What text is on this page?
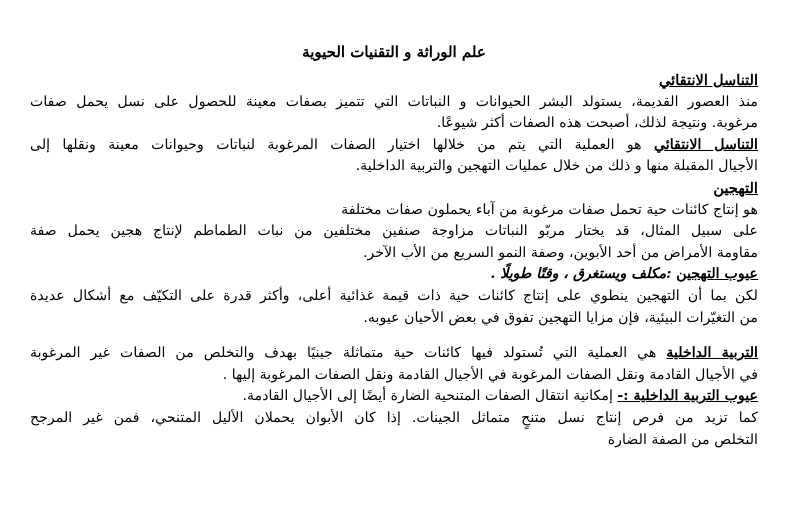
علم الوراثة و التقنيات الحيوية
التناسل الانتقائي
منذ العصور القديمة، يستولد البشر الحيوانات و النباتات التي تتميز بصفات معينة للحصول على نسل يحمل صفات
مرغوبة. ونتيجة لذلك، أصبحت هذه الصفات أكثر شيوعًا.
التناسل الانتقائي هو العملية التي يتم من خلالها اختيار الصفات المرغوبة لنباتات وحيوانات معينة ونقلها إلى
الأجيال المقبلة منها و ذلك من خلال عمليات التهجين والتربية الداخلية.
التهجين
هو إنتاج كائنات حية تحمل صفات مرغوبة من آباء يحملون صفات مختلفة
على سبيل المثال، قد يختار مربّو النباتات مزاوجة صنفين مختلفين من نبات الطماطم لإنتاج هجين يحمل صفة
مقاومة الأمراض من أحد الأبوين، وصفة النمو السريع من الأب الآخر.
عيوب التهجين :مكلف ويستغرق ، وقتًا طويلًا .
لكن بما أن التهجين ينطوي على إنتاج كائنات حية ذات قيمة غذائية أعلى، وأكثر قدرة على التكيّف مع أشكال عديدة
من التغيّرات البيئية، فإن مزايا التهجين تفوق في بعض الأحيان عيوبه.
التربية الداخلية هي العملية التي تُستولد فيها كائنات حية متماثلة جينيًا بهدف والتخلص من الصفات غير المرغوبة
في الأجيال القادمة ونقل الصفات المرغوبة في الأجيال القادمة ونقل الصفات المرغوبة إليها .
عيوب التربية الداخلية :- إمكانية انتقال الصفات المتنحية الضارة أيضًا إلى الأجيال القادمة.
كما تزيد من فرص إنتاج نسل متنحٍ متماثل الجينات. إذا كان الأبوان يحملان الأليل المتنحي، فمن غير المرجح
التخلص من الصفة الضارة
